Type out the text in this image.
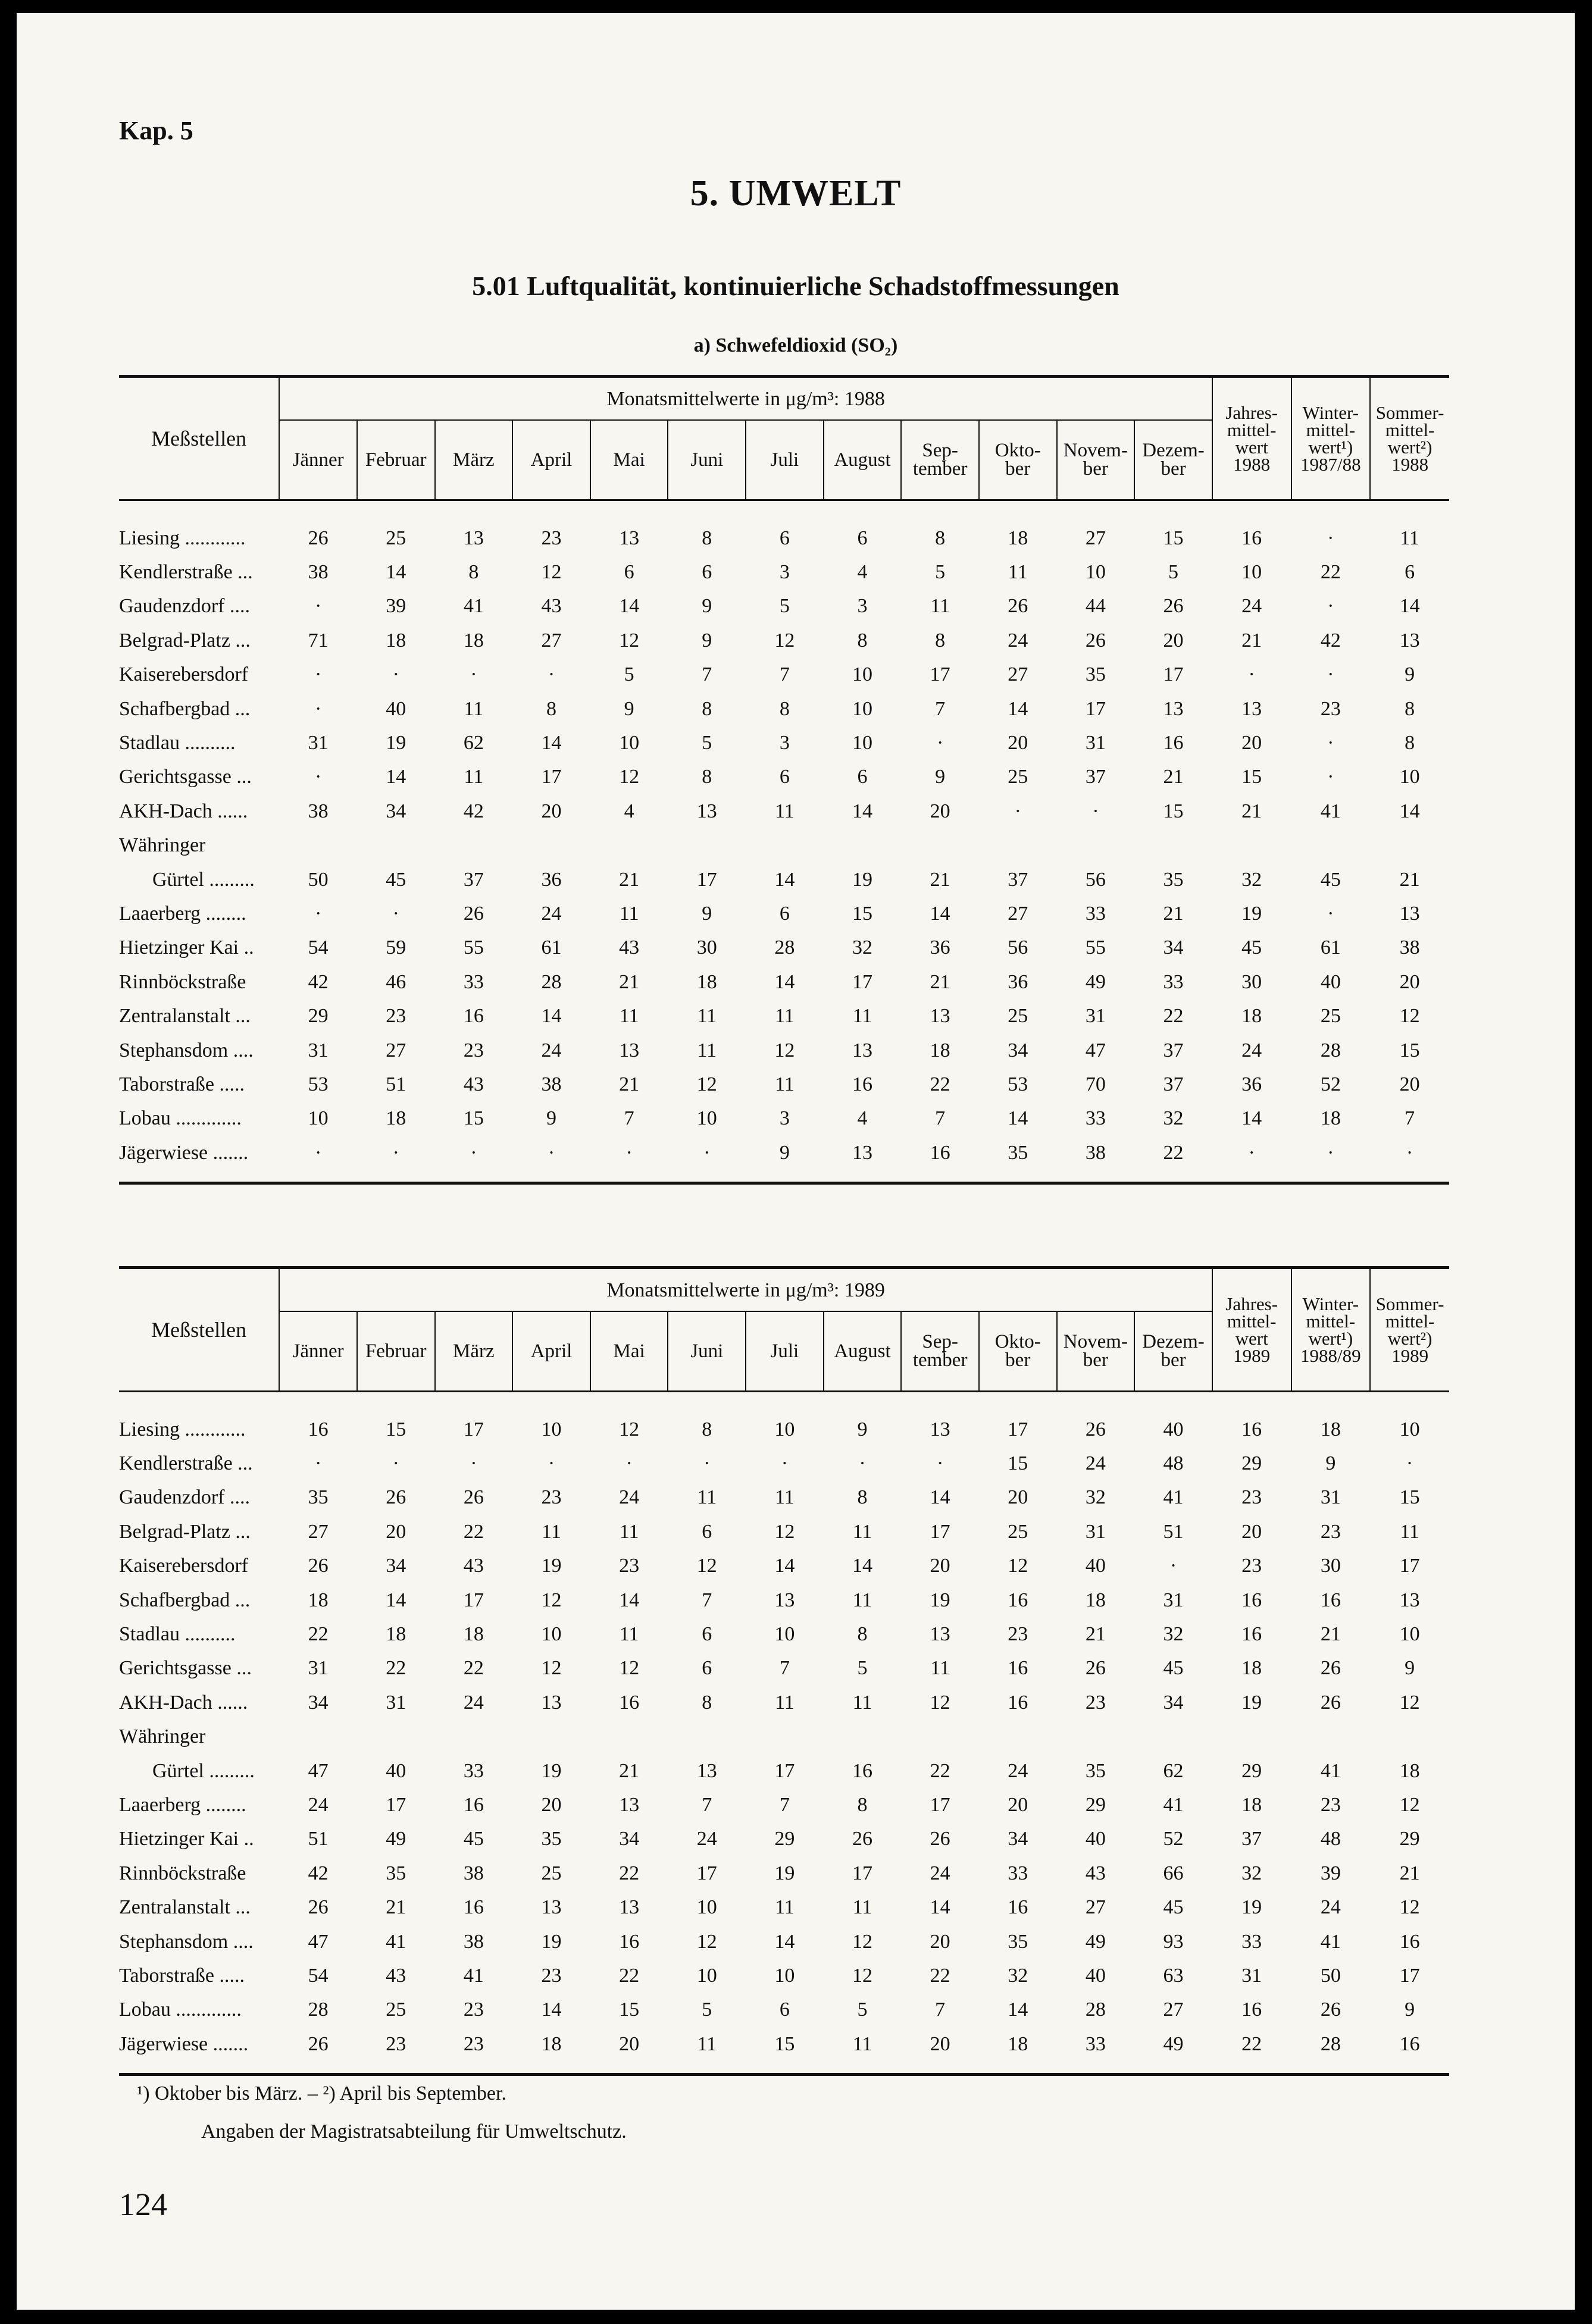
Kap. 5
5. UMWELT
5.01 Luftqualität, kontinuierliche Schadstoffmessungen
a) Schwefeldioxid (SO₂)
Meßstellen	Monatsmittelwerte in μg/m³: 1988												Jahres-
mittel-
wert
1988	Winter-
mittel-
wert¹)
1987/88	Sommer-
mittel-
wert²)
1988

	Jänner	Februar	März	April	Mai	Juni	Juli	August	Sep-
tember	Okto-
ber	Novem-
ber	Dezem-
ber			

Liesing ............	26	25	13	23	13	8	6	6	8	18	27	15	16	·	11
Kendlerstraße ...	38	14	8	12	6	6	3	4	5	11	10	5	10	22	6
Gaudenzdorf ....	·	39	41	43	14	9	5	3	11	26	44	26	24	·	14
Belgrad-Platz ...	71	18	18	27	12	9	12	8	8	24	26	20	21	42	13
Kaiserebersdorf	·	·	·	·	5	7	7	10	17	27	35	17	·	·	9
Schafbergbad ...	·	40	11	8	9	8	8	10	7	14	17	13	13	23	8
Stadlau ..........	31	19	62	14	10	5	3	10	·	20	31	16	20	·	8
Gerichtsgasse ...	·	14	11	17	12	8	6	6	9	25	37	21	15	·	10
AKH-Dach ......	38	34	42	20	4	13	11	14	20	·	·	15	21	41	14
Währinger															
Gürtel .........	50	45	37	36	21	17	14	19	21	37	56	35	32	45	21
Laaerberg ........	·	·	26	24	11	9	6	15	14	27	33	21	19	·	13
Hietzinger Kai ..	54	59	55	61	43	30	28	32	36	56	55	34	45	61	38
Rinnböckstraße	42	46	33	28	21	18	14	17	21	36	49	33	30	40	20
Zentralanstalt ...	29	23	16	14	11	11	11	11	13	25	31	22	18	25	12
Stephansdom ....	31	27	23	24	13	11	12	13	18	34	47	37	24	28	15
Taborstraße .....	53	51	43	38	21	12	11	16	22	53	70	37	36	52	20
Lobau .............	10	18	15	9	7	10	3	4	7	14	33	32	14	18	7
Jägerwiese .......	·	·	·	·	·	·	9	13	16	35	38	22	·	·	·
Meßstellen	Monatsmittelwerte in μg/m³: 1989												Jahres-
mittel-
wert
1989	Winter-
mittel-
wert¹)
1988/89	Sommer-
mittel-
wert²)
1989

	Jänner	Februar	März	April	Mai	Juni	Juli	August	Sep-
tember	Okto-
ber	Novem-
ber	Dezem-
ber			

Liesing ............	16	15	17	10	12	8	10	9	13	17	26	40	16	18	10
Kendlerstraße ...	·	·	·	·	·	·	·	·	·	15	24	48	29	9	·
Gaudenzdorf ....	35	26	26	23	24	11	11	8	14	20	32	41	23	31	15
Belgrad-Platz ...	27	20	22	11	11	6	12	11	17	25	31	51	20	23	11
Kaiserebersdorf	26	34	43	19	23	12	14	14	20	12	40	·	23	30	17
Schafbergbad ...	18	14	17	12	14	7	13	11	19	16	18	31	16	16	13
Stadlau ..........	22	18	18	10	11	6	10	8	13	23	21	32	16	21	10
Gerichtsgasse ...	31	22	22	12	12	6	7	5	11	16	26	45	18	26	9
AKH-Dach ......	34	31	24	13	16	8	11	11	12	16	23	34	19	26	12
Währinger															
Gürtel .........	47	40	33	19	21	13	17	16	22	24	35	62	29	41	18
Laaerberg ........	24	17	16	20	13	7	7	8	17	20	29	41	18	23	12
Hietzinger Kai ..	51	49	45	35	34	24	29	26	26	34	40	52	37	48	29
Rinnböckstraße	42	35	38	25	22	17	19	17	24	33	43	66	32	39	21
Zentralanstalt ...	26	21	16	13	13	10	11	11	14	16	27	45	19	24	12
Stephansdom ....	47	41	38	19	16	12	14	12	20	35	49	93	33	41	16
Taborstraße .....	54	43	41	23	22	10	10	12	22	32	40	63	31	50	17
Lobau .............	28	25	23	14	15	5	6	5	7	14	28	27	16	26	9
Jägerwiese .......	26	23	23	18	20	11	15	11	20	18	33	49	22	28	16
¹) Oktober bis März. – ²) April bis September.
Angaben der Magistratsabteilung für Umweltschutz.
124
